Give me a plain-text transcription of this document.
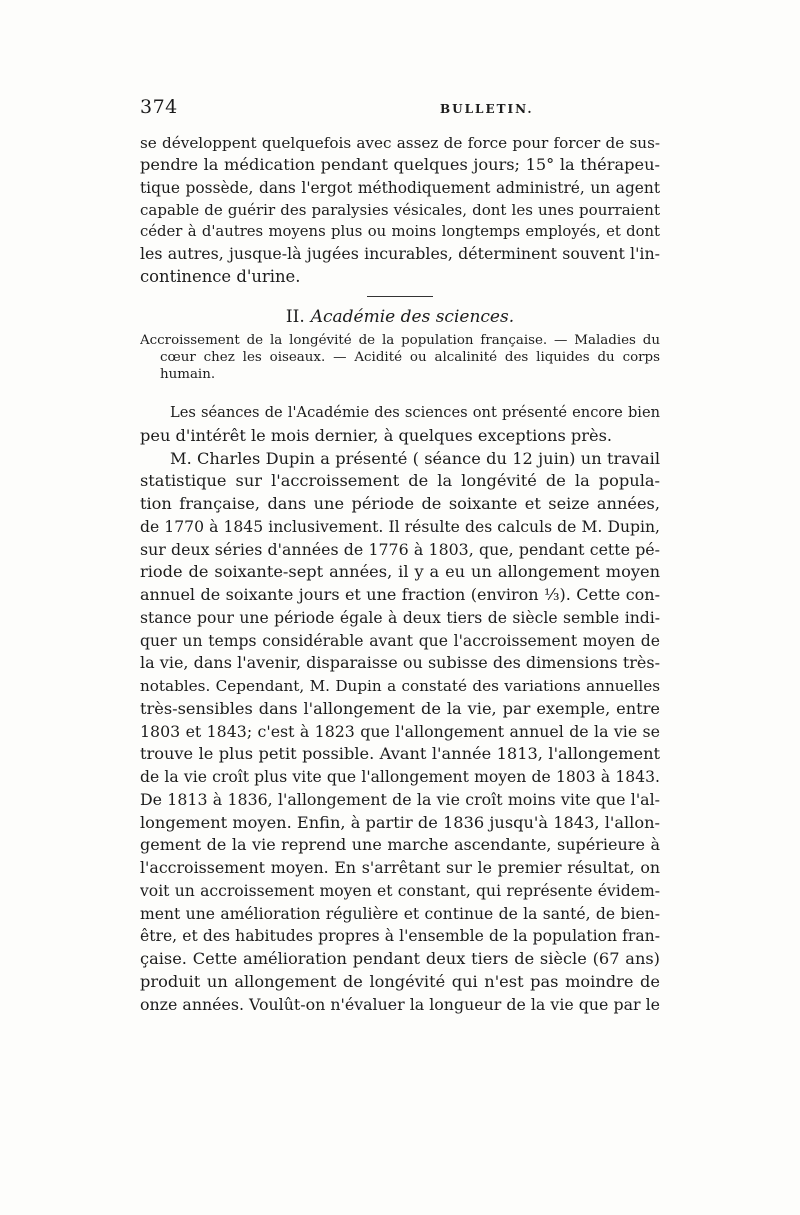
374	BULLETIN.
se développent quelquefois avec assez de force pour forcer de sus-
pendre la médication pendant quelques jours; 15° la thérapeu-
tique possède, dans l'ergot méthodiquement administré, un agent
capable de guérir des paralysies vésicales, dont les unes pourraient
céder à d'autres moyens plus ou moins longtemps employés, et dont
les autres, jusque-là jugées incurables, déterminent souvent l'in-
continence d'urine.
II. Académie des sciences.
Accroissement de la longévité de la population française. — Maladies du
cœur chez les oiseaux. — Acidité ou alcalinité des liquides du corps
humain.
Les séances de l'Académie des sciences ont présenté encore bien
peu d'intérêt le mois dernier, à quelques exceptions près.
M. Charles Dupin a présenté ( séance du 12 juin) un travail
statistique sur l'accroissement de la longévité de la popula-
tion française, dans une période de soixante et seize années,
de 1770 à 1845 inclusivement. Il résulte des calculs de M. Dupin,
sur deux séries d'années de 1776 à 1803, que, pendant cette pé-
riode de soixante-sept années, il y a eu un allongement moyen
annuel de soixante jours et une fraction (environ ⅓). Cette con-
stance pour une période égale à deux tiers de siècle semble indi-
quer un temps considérable avant que l'accroissement moyen de
la vie, dans l'avenir, disparaisse ou subisse des dimensions très-
notables. Cependant, M. Dupin a constaté des variations annuelles
très-sensibles dans l'allongement de la vie, par exemple, entre
1803 et 1843; c'est à 1823 que l'allongement annuel de la vie se
trouve le plus petit possible. Avant l'année 1813, l'allongement
de la vie croît plus vite que l'allongement moyen de 1803 à 1843.
De 1813 à 1836, l'allongement de la vie croît moins vite que l'al-
longement moyen. Enfin, à partir de 1836 jusqu'à 1843, l'allon-
gement de la vie reprend une marche ascendante, supérieure à
l'accroissement moyen. En s'arrêtant sur le premier résultat, on
voit un accroissement moyen et constant, qui représente évidem-
ment une amélioration régulière et continue de la santé, de bien-
être, et des habitudes propres à l'ensemble de la population fran-
çaise. Cette amélioration pendant deux tiers de siècle (67 ans)
produit un allongement de longévité qui n'est pas moindre de
onze années. Voulût-on n'évaluer la longueur de la vie que par le
